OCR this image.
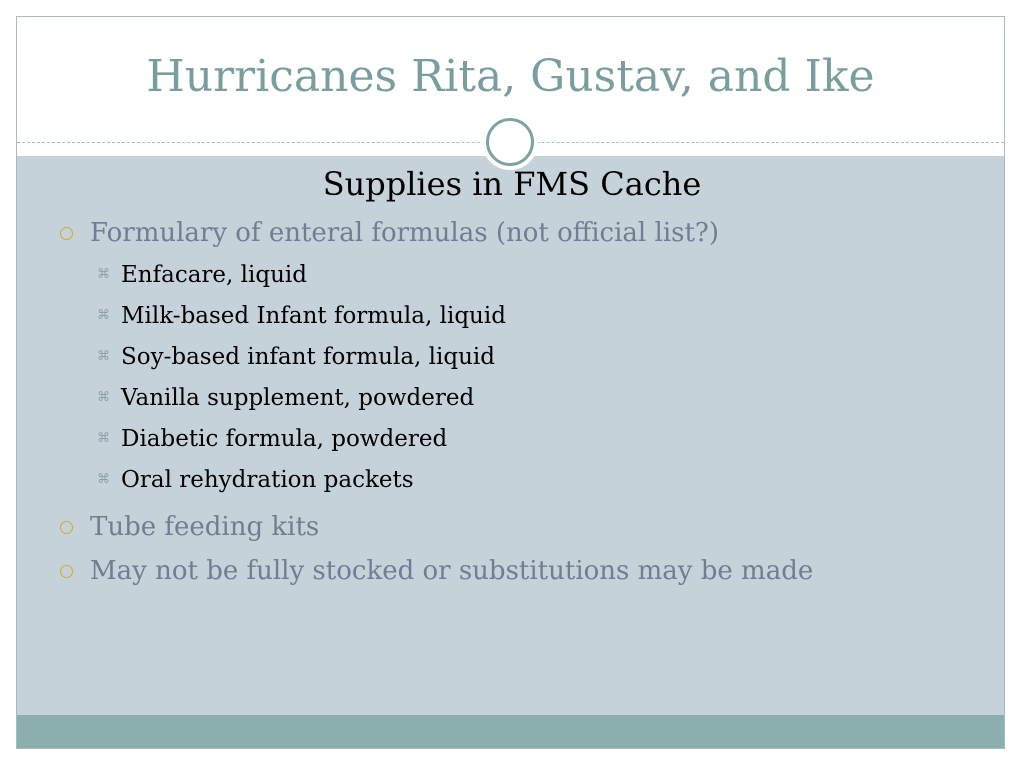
Hurricanes Rita, Gustav, and Ike
Supplies in FMS Cache
Formulary of enteral formulas (not official list?)
⌘ Enfacare, liquid
⌘ Milk-based Infant formula, liquid
⌘ Soy-based infant formula, liquid
⌘ Vanilla supplement, powdered
⌘ Diabetic formula, powdered
⌘ Oral rehydration packets
Tube feeding kits
May not be fully stocked or substitutions may be made
